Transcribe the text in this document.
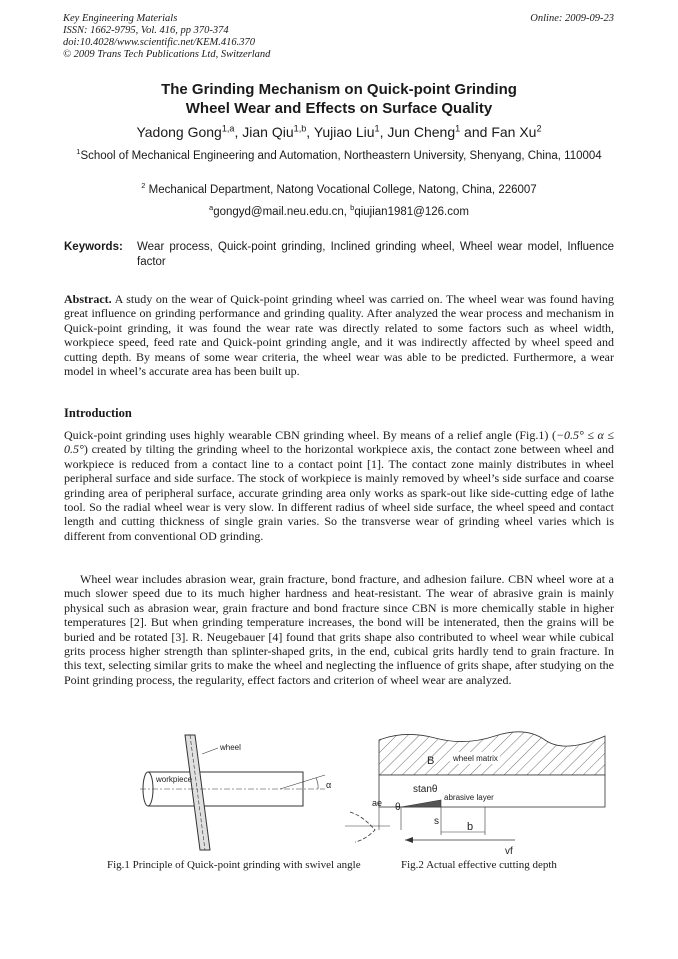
Key Engineering Materials
ISSN: 1662-9795, Vol. 416, pp 370-374
doi:10.4028/www.scientific.net/KEM.416.370
© 2009 Trans Tech Publications Ltd, Switzerland
Online: 2009-09-23
The Grinding Mechanism on Quick-point Grinding
Wheel Wear and Effects on Surface Quality
Yadong Gong$^{1,a}$, Jian Qiu$^{1,b}$, Yujiao Liu$^1$, Jun Cheng$^1$ and Fan Xu$^2$
$^1$School of Mechanical Engineering and Automation, Northeastern University, Shenyang, China, 110004
$^2$ Mechanical Department, Natong Vocational College, Natong, China, 226007
$^a$gongyd@mail.neu.edu.cn, $^b$qiujian1981@126.com
Keywords:	Wear process, Quick-point grinding, Inclined grinding wheel, Wheel wear model, Influence factor
Abstract. A study on the wear of Quick-point grinding wheel was carried on. The wheel wear was found having great influence on grinding performance and grinding quality. After analyzed the wear process and mechanism in Quick-point grinding, it was found the wear rate was directly related to some factors such as wheel width, workpiece speed, feed rate and Quick-point grinding angle, and it was indirectly affected by wheel speed and cutting depth. By means of some wear criteria, the wheel wear was able to be predicted. Furthermore, a wear model in wheel’s accurate area has been built up.
Introduction
Quick-point grinding uses highly wearable CBN grinding wheel. By means of a relief angle (Fig.1) (−0.5° ≤ α ≤ 0.5°) created by tilting the grinding wheel to the horizontal workpiece axis, the contact zone between wheel and workpiece is reduced from a contact line to a contact point [1]. The contact zone mainly distributes in wheel peripheral surface and side surface. The stock of workpiece is mainly removed by wheel’s side surface and coarse grinding area of peripheral surface, accurate grinding area only works as spark-out like side-cutting edge of lathe tool. So the radial wheel wear is very slow. In different radius of wheel side surface, the wheel speed and contact length and cutting thickness of single grain varies. So the transverse wear of grinding wheel varies which is different from conventional OD grinding.
Wheel wear includes abrasion wear, grain fracture, bond fracture, and adhesion failure. CBN wheel wore at a much slower speed due to its much higher hardness and heat-resistant. The wear of abrasive grain is mainly physical such as abrasion wear, grain fracture and bond fracture since CBN is more chemically stable in higher temperatures [2]. But when grinding temperature increases, the bond will be intenerated, then the grains will be buried and be rotated [3]. R. Neugebauer [4] found that grits shape also contributed to wheel wear while cubical grits process higher strength than splinter-shaped grits, in the end, cubical grits hardly tend to grain fracture. In this text, selecting similar grits to make the wheel and neglecting the influence of grits shape, after studying on the Point grinding process, the regularity, effect factors and criterion of wheel wear are analyzed.
wheel
workpiece
α
Fig.1 Principle of Quick-point grinding with swivel angle
wheel matrix
B
abrasive layer
stanθ
b
s
ae θ
vf
Fig.2 Actual effective cutting depth
